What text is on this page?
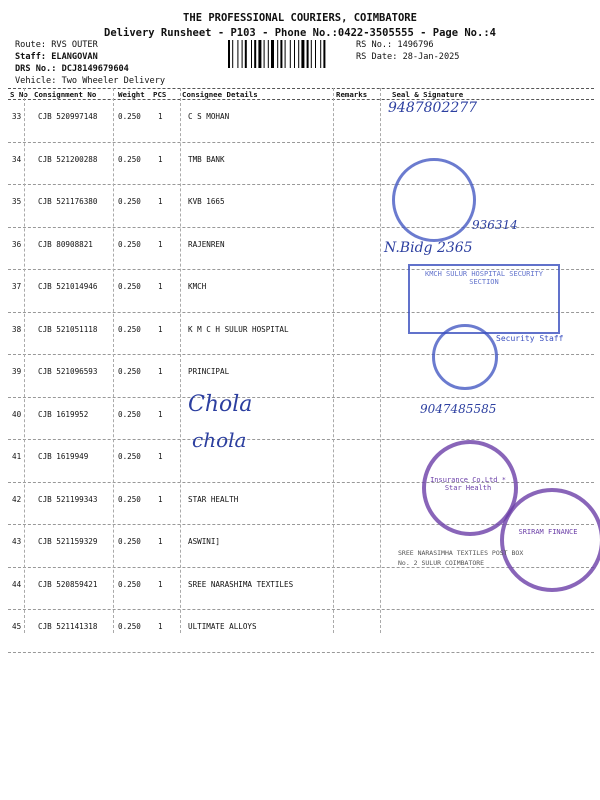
THE PROFESSIONAL COURIERS, COIMBATORE
Delivery Runsheet - P103 - Phone No.:0422-3505555 - Page No.:4
Route: RVS OUTER
Staff: ELANGOVAN
DRS No.: DCJ8149679604
Vehicle: Two Wheeler Delivery
RS No.: 1496796
RS Date: 28-Jan-2025
S No Consignment No	Weight PCS Consignee Details	Remarks	Seal & Signature
33 CJB 520997148	0.250 1	C S MOHAN
34 CJB 521200288	0.250 1	TMB BANK
35 CJB 521176380	0.250 1	KVB 1665
36 CJB 80908821	0.250 1	RAJENREN
37 CJB 521014946	0.250 1	KMCH
38 CJB 521051118	0.250 1	K M C H SULUR HOSPITAL
39 CJB 521096593	0.250 1	PRINCIPAL
40 CJB 1619952	0.250 1
41 CJB 1619949	0.250 1
42 CJB 521199343	0.250 1	STAR HEALTH
43 CJB 521159329	0.250 1	ASWINI]
44 CJB 520859421	0.250 1	SREE NARASHIMA TEXTILES
45 CJB 521141318	0.250 1	ULTIMATE ALLOYS
9487802277
Chola
chola
936314
N.Bidg 2365
9047485585
KMCH SULUR HOSPITAL SECURITY SECTION
Security Staff
Insurance Co.Ltd * Star Health
SRIRAM FINANCE
SREE NARASIMHA TEXTILES POST BOX No. 2 SULUR COIMBATORE
